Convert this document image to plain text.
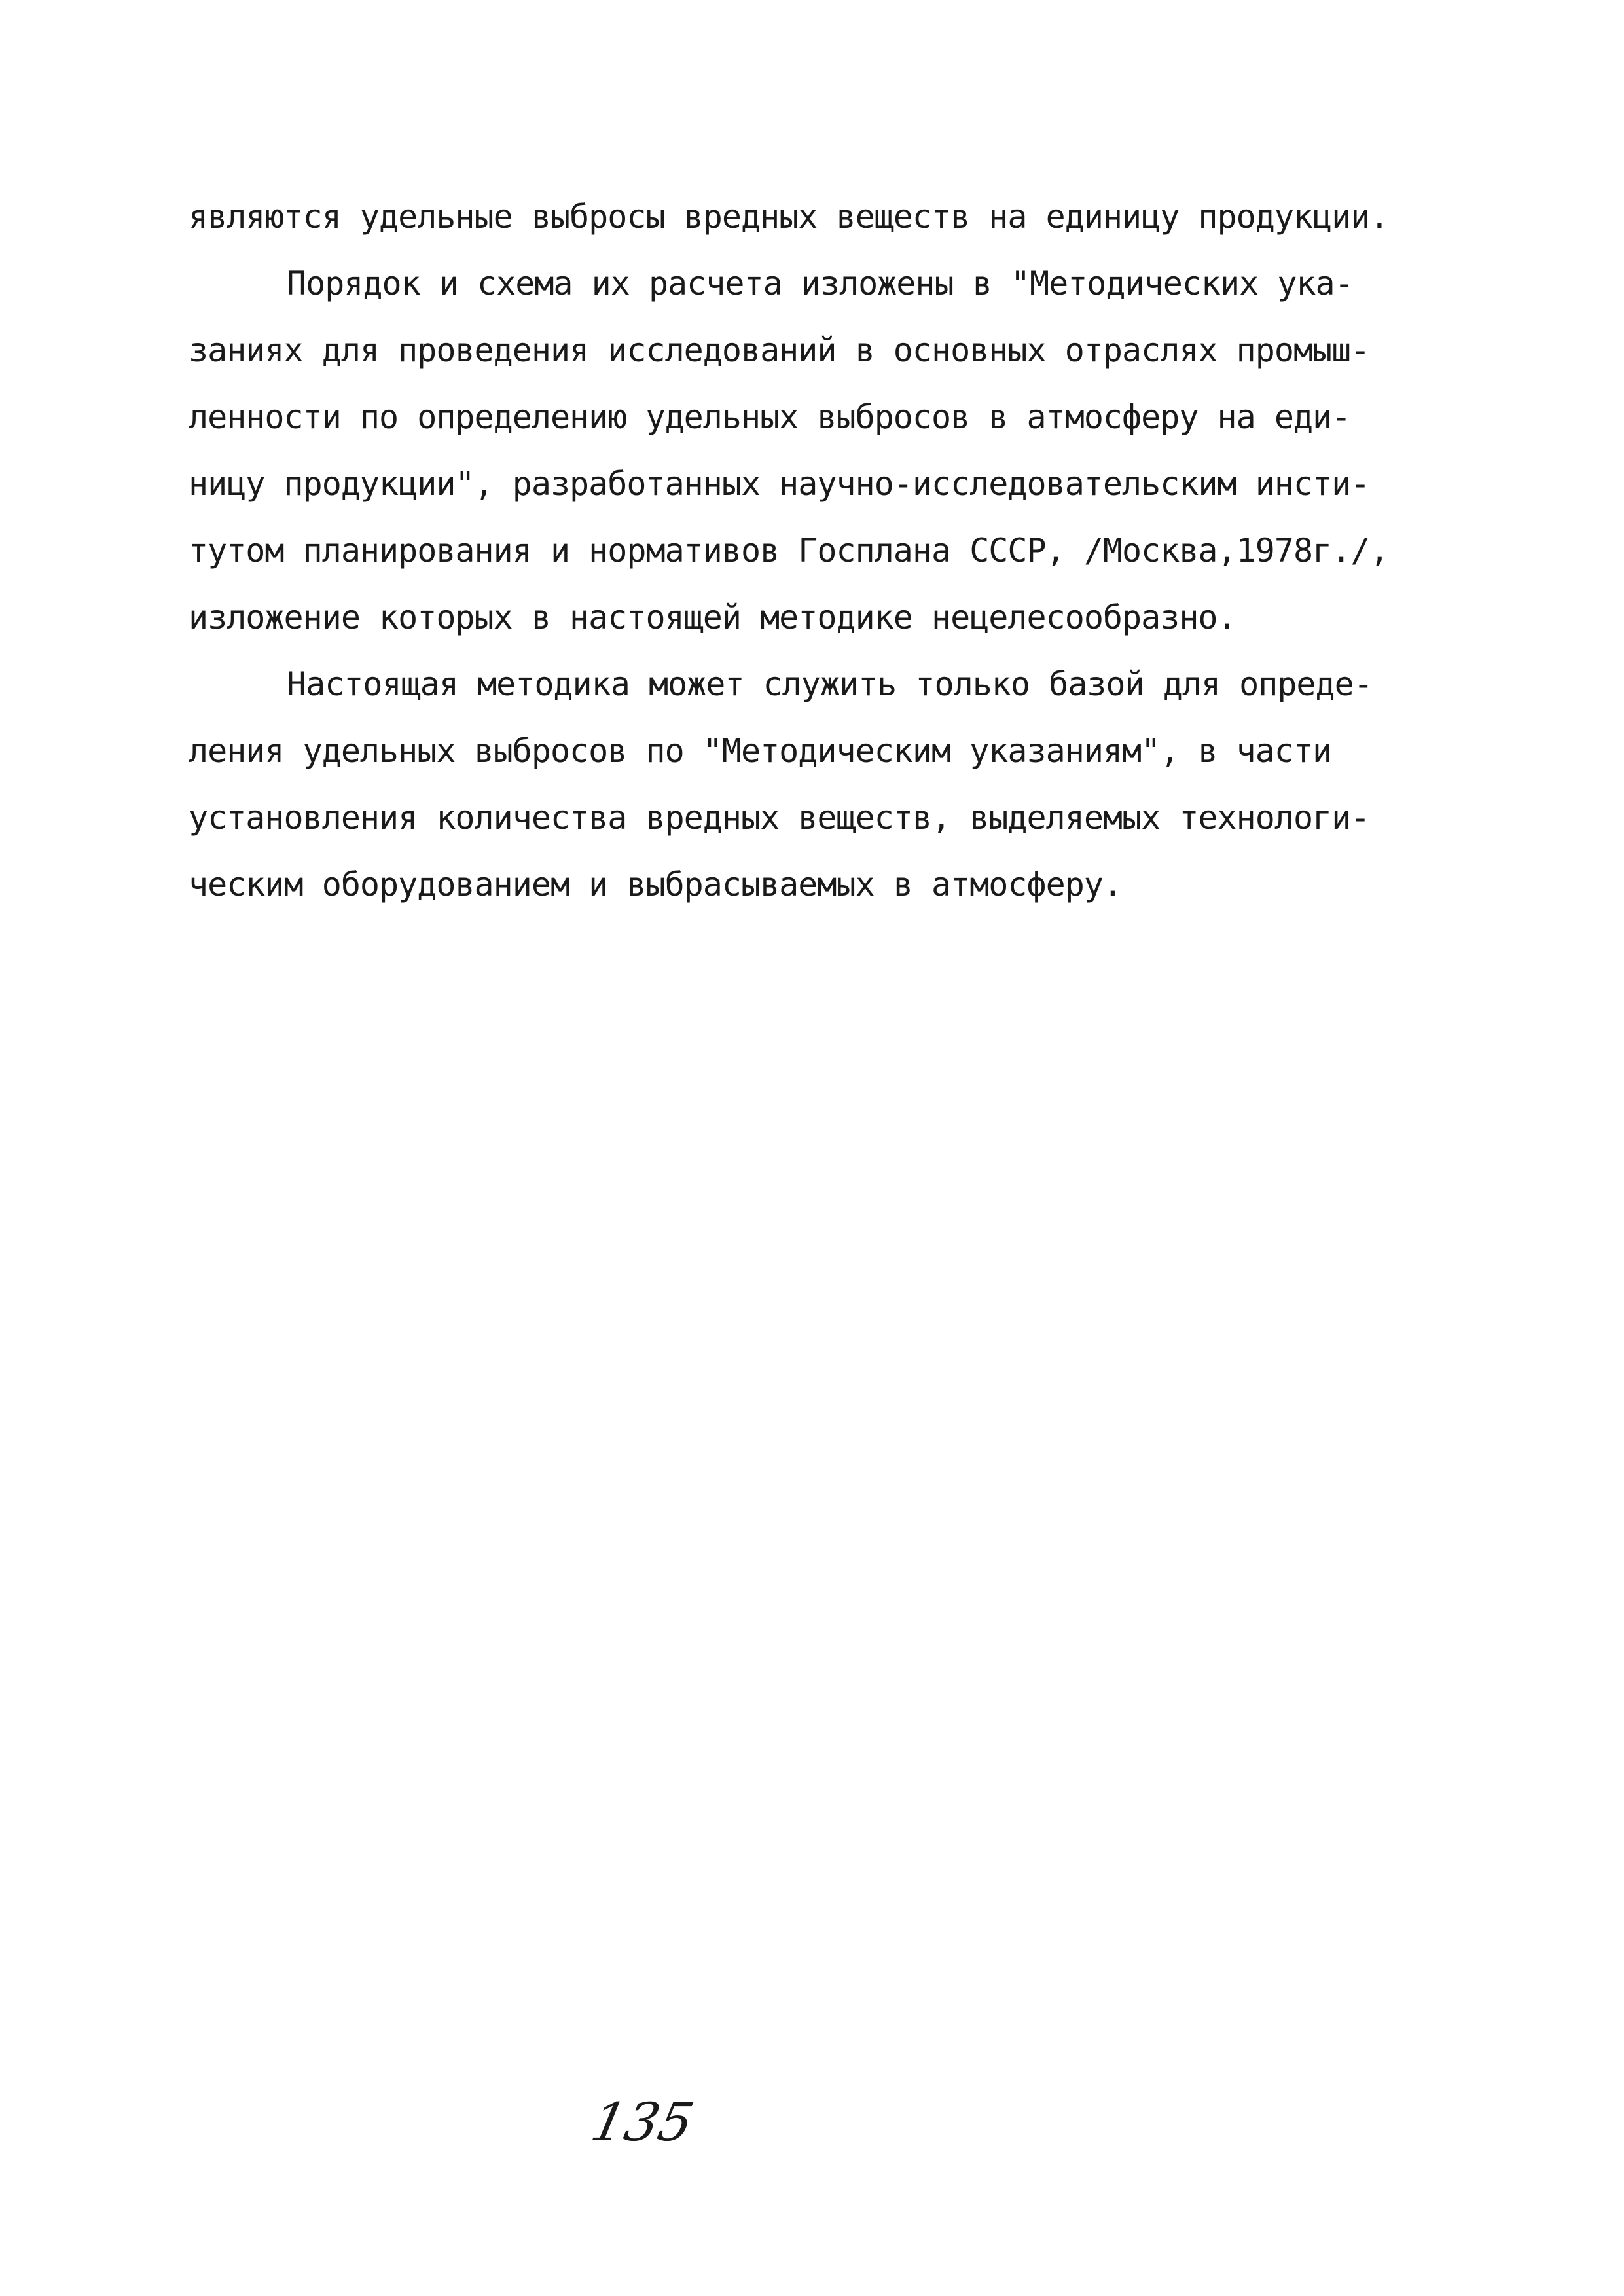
являются удельные выбросы вредных веществ на единицу продукции.
Порядок и схема их расчета изложены в "Методических ука-
заниях для проведения исследований в основных отраслях промыш-
ленности по определению удельных выбросов в атмосферу на еди-
ницу продукции", разработанных научно-исследовательским инсти-
тутом планирования и нормативов Госплана СССР, /Москва,1978г./,
изложение которых в настоящей методике нецелесообразно.
Настоящая методика может служить только базой для опреде-
ления удельных выбросов по "Методическим указаниям", в части
установления количества вредных веществ, выделяемых технологи-
ческим оборудованием и выбрасываемых в атмосферу.
135
